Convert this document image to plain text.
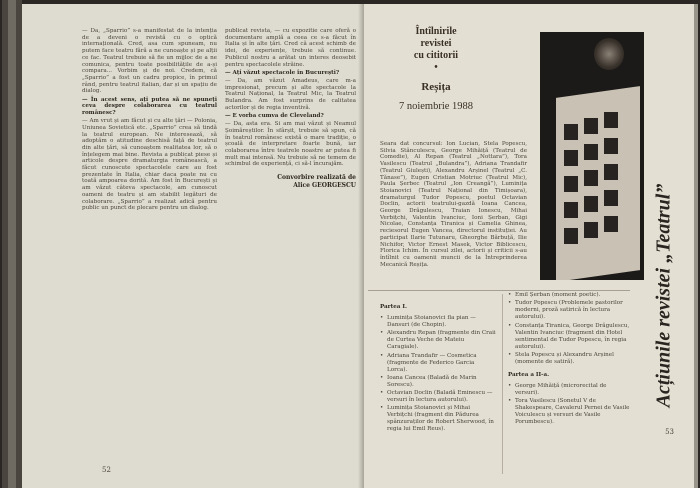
— Da, „Sparrio” s-a manifestat de la intenția de a deveni o revistă cu o optică internațională. Cred, asa cum spuneam, nu putem face teatru fără a ne cunoaște și pe alții ce fac. Teatrul trebuie să fie un mijloc de a ne comunica, pentru toate posibilitățile de a-și compara... Vorbim și de noi. Credem, că „Sparrio” a fost un cadru propice, în primul rând, pentru teatrul italian, dar și un spațiu de dialog.

— În acest sens, ați putea să ne spuneți ceva despre colaborarea cu teatrul românesc?

— Am vrut și am făcut și cu alte țări — Polonia, Uniunea Sovietică etc. „Sparrio” crea să tindă la teatrul european. Ne interesează, să adoptăm o atitudine deschisă față de teatrul din alte țări, să cunoaștem realitatea lor, să o înțelegem mai bine. Revista a publicat piese și articole despre dramaturgia românească, a făcut cunoscute spectacolele care au fost prezentate în Italia, chiar daca poate nu cu toată ampoarea dorită. Am fost în București și am văzut câteva spectacole, am cunoscut oameni de teatru și am stabilit legături de colaborare. „Sparrio” a realizat adică pentru public un punct de plecare pentru un dialog.

publicat revista, — cu expozitie care oferă o documentare amplă a ceea ce s-a făcut în Italia și în alte țări. Cred că acest schimb de idei, de experiențe, trebuie să continue. Publicul nostru a arătat un interes deosebit pentru spectacolele străine.

— Ați văzut spectacole în București?

— Da, am văzut Amadeus, care m-a impresionat, precum și alte spectacole la Teatrul Național, la Teatrul Mic, la Teatrul Bulandra. Am fost surprins de calitatea actorilor și de regia inventivă.

— E vorba cumva de Cleveland?

— Da, asta era. Si am mai văzut și Neamul Șoimăreștilor. În sfârșit, trebuie să spun, că în teatrul românesc există o mare tradiție, o școală de interpretare foarte bună, iar colaborarea între teatrele noastre ar putea fi mult mai intensă. Nu trebuie să ne temem de schimbul de experiență, ci să-l încurajăm.

Convorbire realizată de
Alice GEORGESCU
52
Întîlnirile
revistei
cu cititorii
•
Reșița
7 noiembrie 1988
Seara dat concursul: Ion Lucian, Stela Popescu, Silvia Stănculescu, George Mihăiță (Teatrul de Comedie), Al Repan (Teatrul „Nottara”), Tora Vasilescu (Teatrul „Bulandra”), Adriana Trandafir (Teatrul Giulești), Alexandru Arșinel (Teatrul „C. Tănase”), Eugen Cristian Motriuc (Teatrul Mic), Paula Șerbec (Teatrul „Ion Creangă”), Luminița Stoianovici (Teatrul Național din Timișoara), dramaturgul Tudor Popescu, poetul Octavian Doclin, actorii teatrului-gazdă Ioana Cancea, George Drăgulescu, Traian Ionescu, Mihai Verbițchi, Valentin Ivanciuc, Ioni Șerban, Gigi Nicolae, Constanța Tiranica și Camelia Ghinea, reciesorul Eugen Vancea, directorul instituției. Au participat Ilarie Tutunaru, Gheorghe Bărbuță, Ilie Nichifor, Victor Ernest Masek, Victor Biblicescu, Florica Ichim. În cursul zilei, actorii și criticii s-au întîlnit cu oamenii muncii de la Întreprinderea Mecanică Reșița.	Acțiunile revistei „Teatrul”
Partea I.
• Luminița Stoianovici fla pian — Dansuri (de Chopin).
• Alexandru Repan (fragmente din Craii de Curtea Veche de Mateiu Caragiale).
• Adriana Trandafir — Cosmetica (fragmente de Federico Garcia Lorca).
• Ioana Cancea (Baladă de Marin Sorescu).
• Octavian Doclin (Baladă Eminescu — versuri în lectura autorului).
• Luminița Stoianovici și Mihai Verbițchi (fragment din Pădurea spânzuraților de Robert Sherwood, în regia lui Emil Reus).
• Emil Șerban (moment poetic).
• Tudor Popescu (Problemele pastorilor moderni, proză satirică în lectura autorului).
• Constanța Tiranica, George Drăgulescu, Valentin Ivanciuc (fragment din Hotel sentimental de Tudor Popescu, în regia autorului).
• Stela Popescu și Alexandru Arșinel (momente de satiră).
Partea a II-a.
• George Mihăiță (microrecital de versuri).
• Tora Vasilescu (Sonetul V de Shakespeare, Cavalerul Pernei de Vasile Voiculescu și versuri de Vasile Porumbescu).
53
